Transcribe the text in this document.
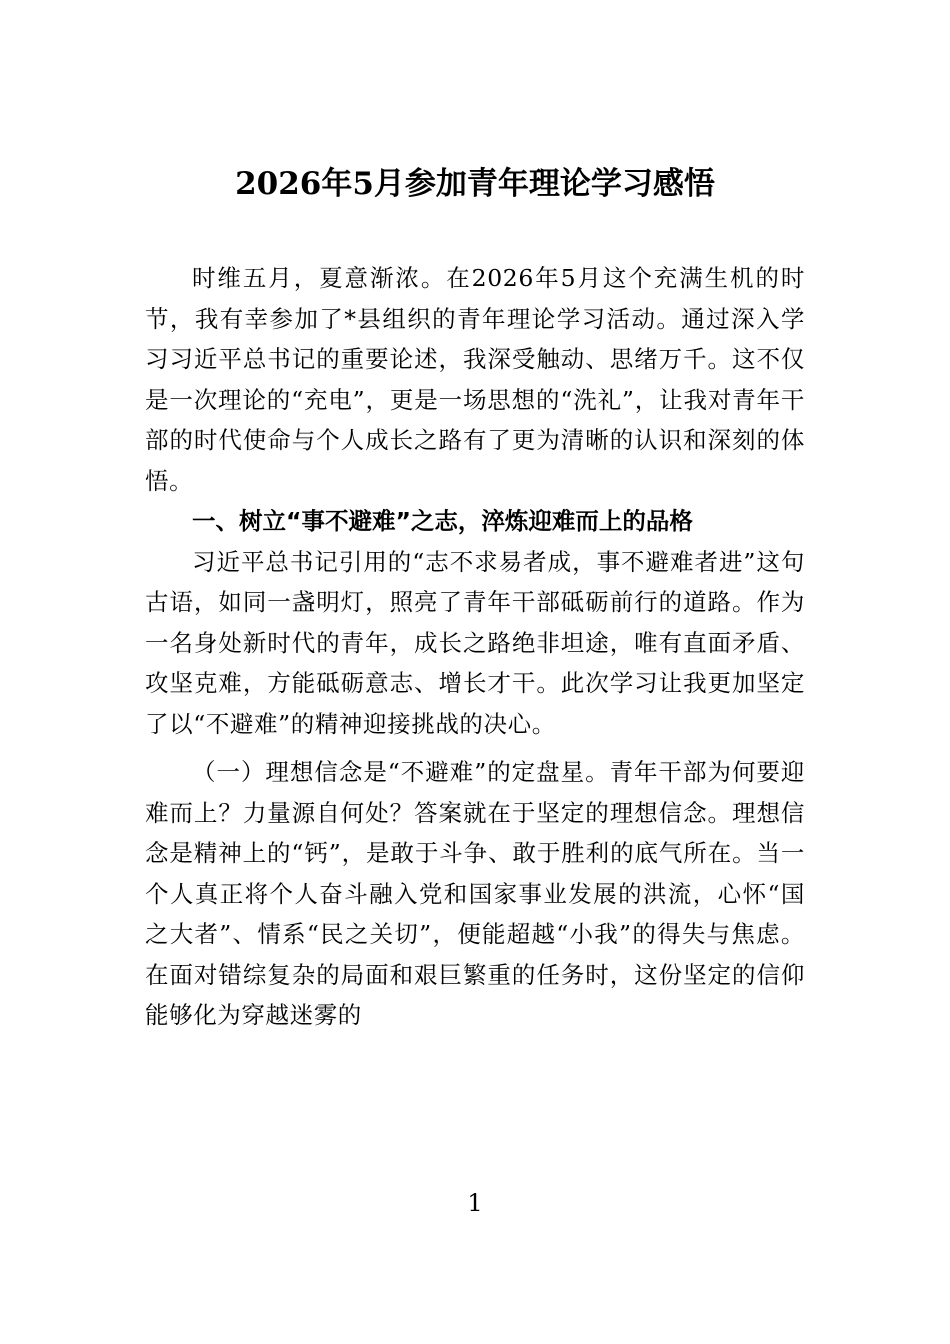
2026年5月参加青年理论学习感悟

时维五月，夏意渐浓。在2026年5月这个充满生机的时节，我有幸参加了*县组织的青年理论学习活动。通过深入学习习近平总书记的重要论述，我深受触动、思绪万千。这不仅是一次理论的“充电”，更是一场思想的“洗礼”，让我对青年干部的时代使命与个人成长之路有了更为清晰的认识和深刻的体悟。

一、树立“事不避难”之志，淬炼迎难而上的品格

习近平总书记引用的“志不求易者成，事不避难者进”这句古语，如同一盏明灯，照亮了青年干部砥砺前行的道路。作为一名身处新时代的青年，成长之路绝非坦途，唯有直面矛盾、攻坚克难，方能砥砺意志、增长才干。此次学习让我更加坚定了以“不避难”的精神迎接挑战的决心。

（一）理想信念是“不避难”的定盘星。青年干部为何要迎难而上？力量源自何处？答案就在于坚定的理想信念。理想信念是精神上的“钙”，是敢于斗争、敢于胜利的底气所在。当一个人真正将个人奋斗融入党和国家事业发展的洪流，心怀“国之大者”、情系“民之关切”，便能超越“小我”的得失与焦虑。在面对错综复杂的局面和艰巨繁重的任务时，这份坚定的信仰能够化为穿越迷雾的

1
